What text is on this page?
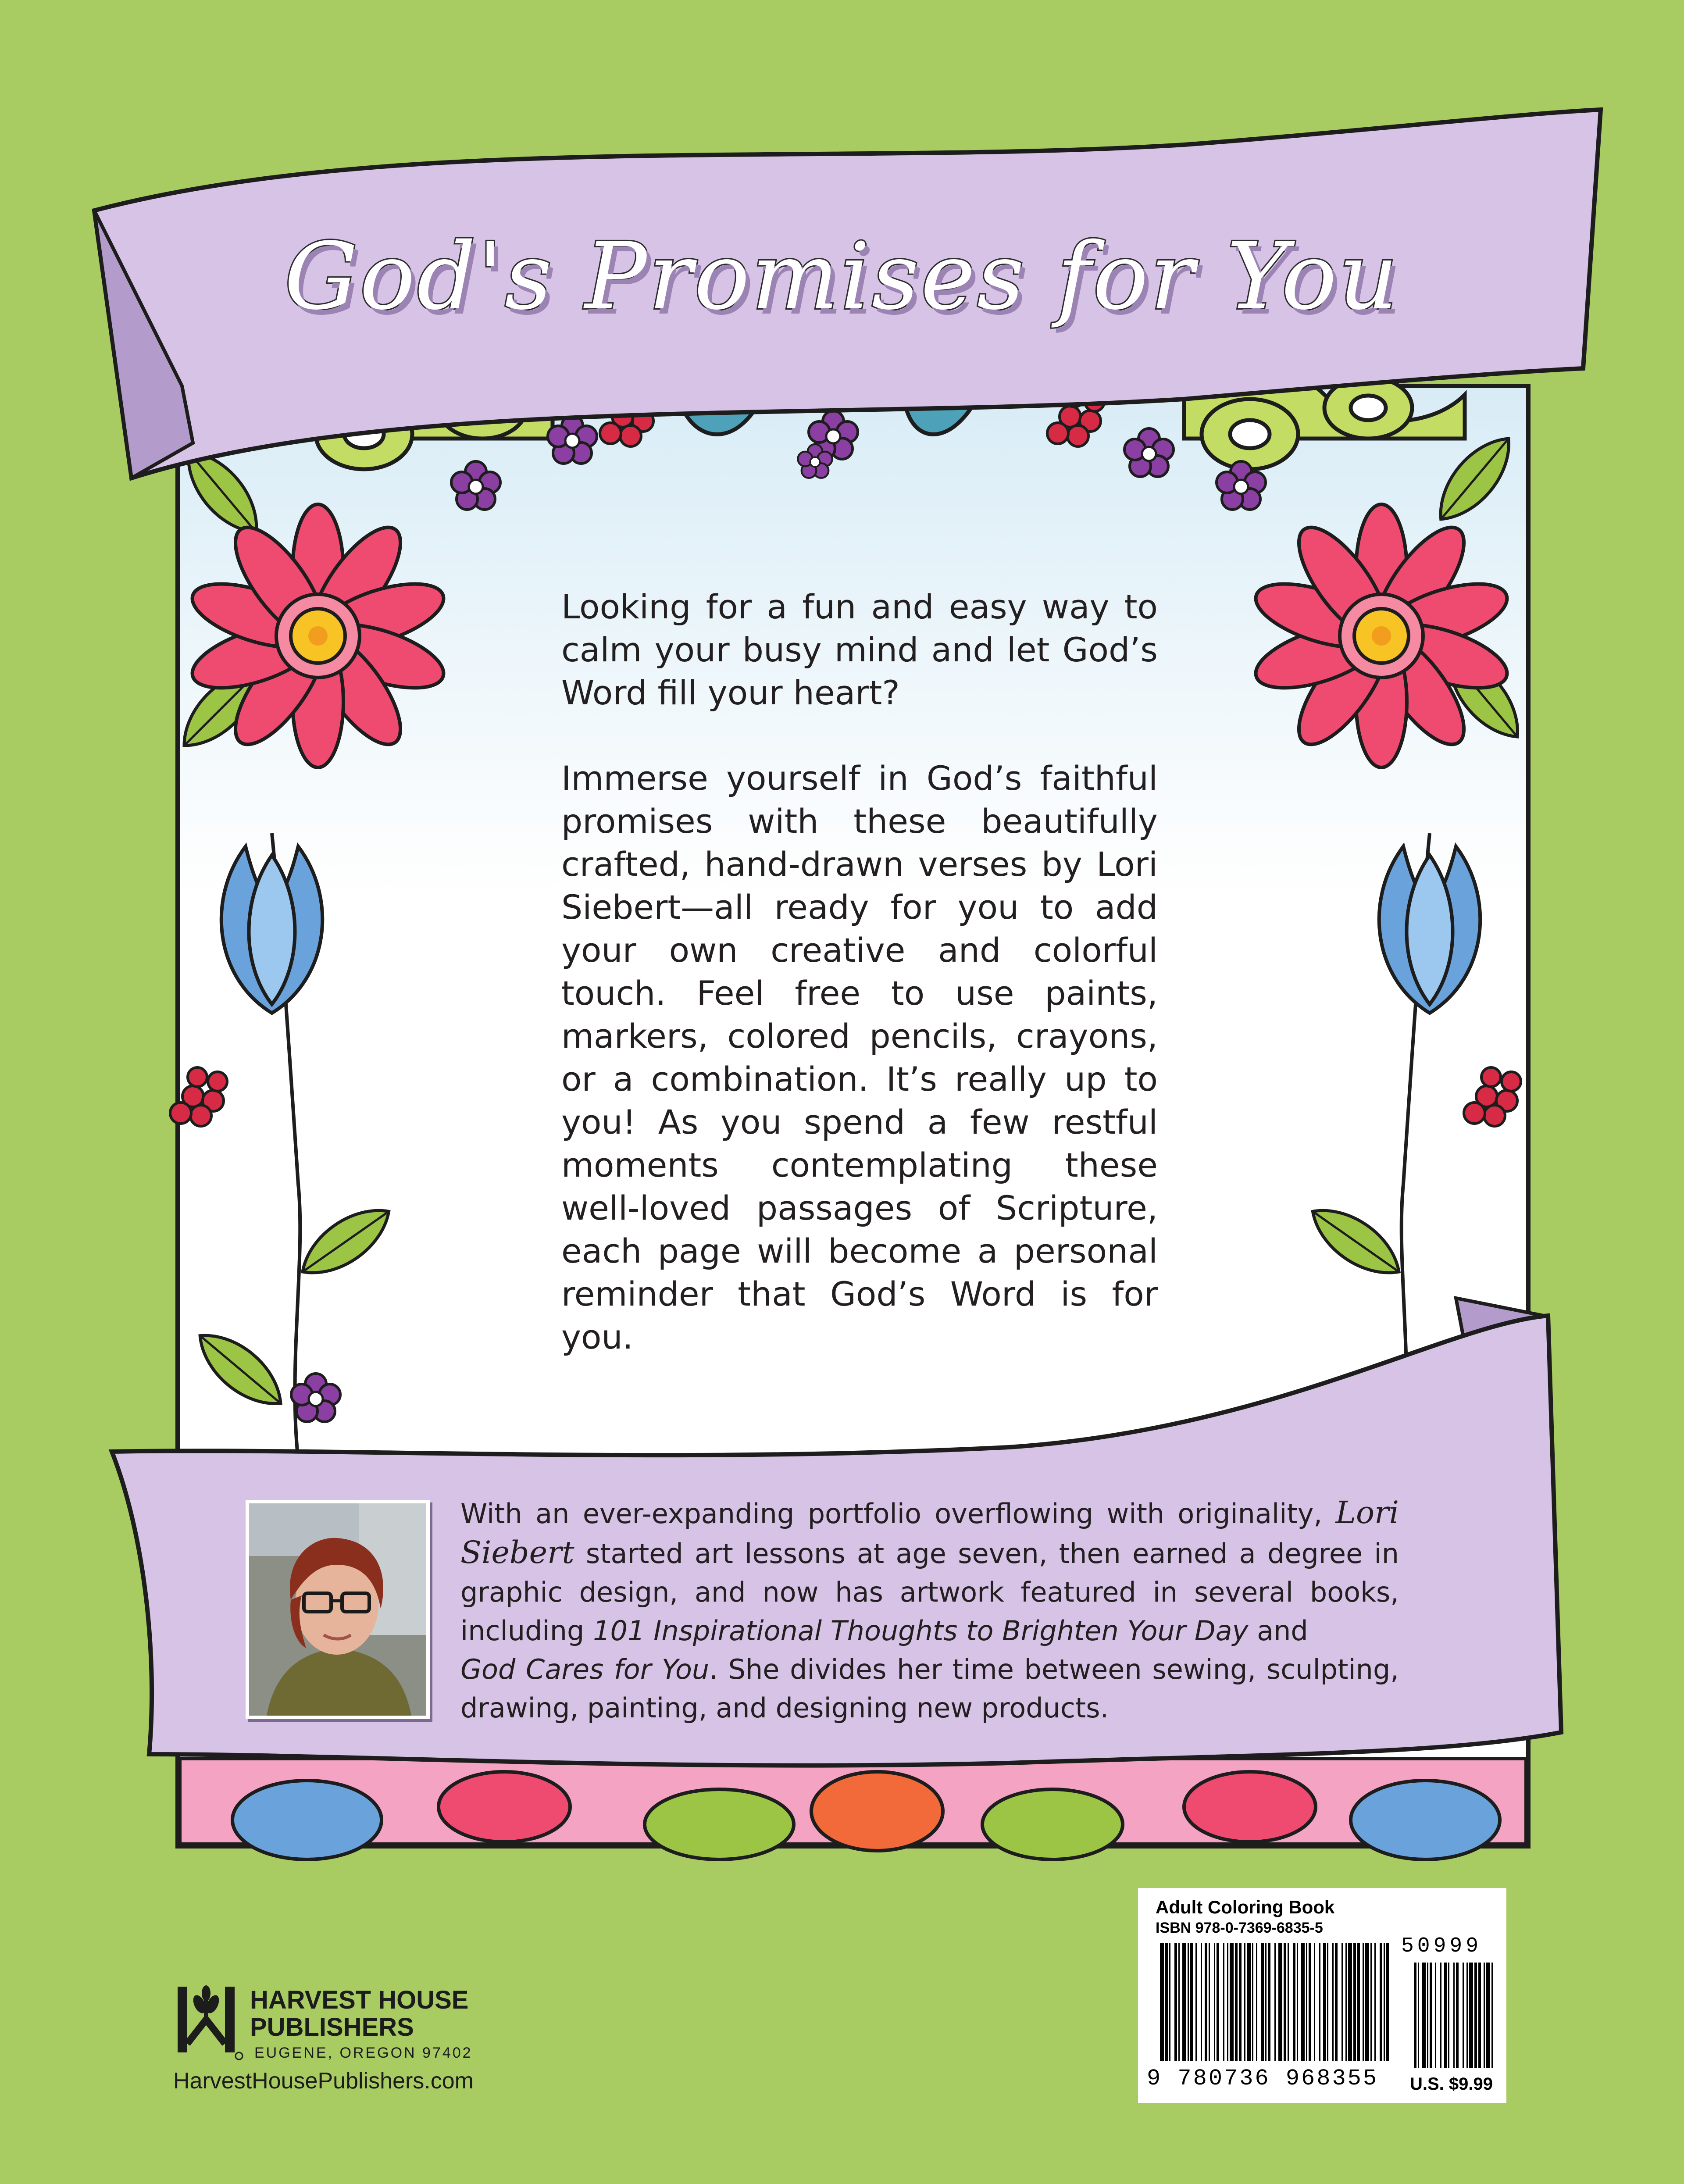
God's Promises for You

Looking for a fun and easy way to calm your busy mind and let God’s Word fill your heart?

Immerse yourself in God’s faithful promises with these beautifully crafted, hand-drawn verses by Lori Siebert—all ready for you to add your own creative and colorful touch. Feel free to use paints, markers, colored pencils, crayons, or a combination. It’s really up to you! As you spend a few restful moments contemplating these well-loved passages of Scripture, each page will become a personal reminder that God’s Word is for you.

With an ever-expanding portfolio overflowing with originality, Lori Siebert started art lessons at age seven, then earned a degree in graphic design, and now has artwork featured in several books, including 101 Inspirational Thoughts to Brighten Your Day and
God Cares for You. She divides her time between sewing, sculpting, drawing, painting, and designing new products.

HARVEST HOUSE
PUBLISHERS
EUGENE, OREGON 97402
HarvestHousePublishers.com
Adult Coloring Book
ISBN 978-0-7369-6835-5
50999
9 780736 968355 U.S. $9.99
